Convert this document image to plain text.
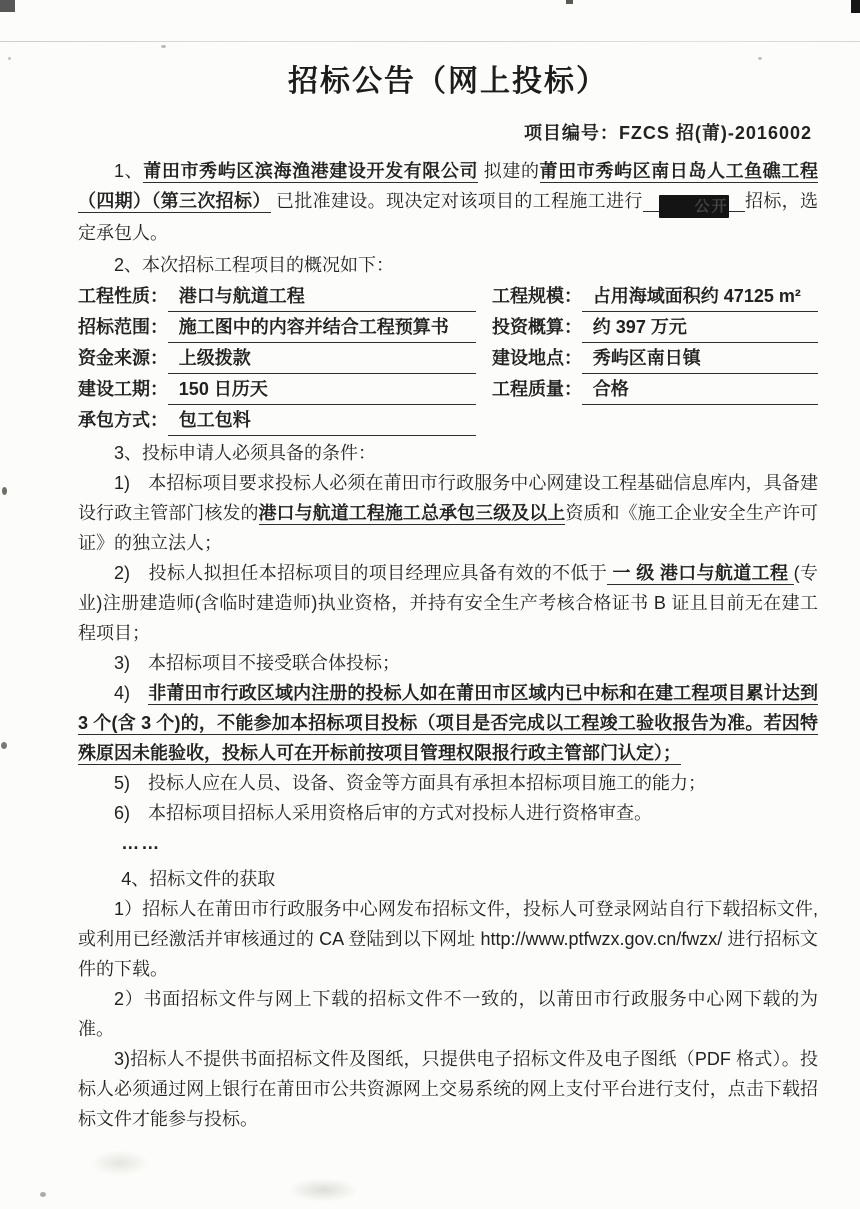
招标公告（网上投标）
项目编号：FZCS 招(莆)-2016002

1、莆田市秀屿区滨海渔港建设开发有限公司 拟建的莆田市秀屿区南日岛人工鱼礁工程（四期）（第三次招标） 已批准建设。现决定对该项目的工程施工进行	公开 招标，选定承包人。

2、本次招标工程项目的概况如下：

工程性质： 港口与航道工程
招标范围： 施工图中的内容并结合工程预算书
资金来源： 上级拨款
建设工期： 150 日历天
承包方式： 包工包料
工程规模： 占用海域面积约 47125 m²
投资概算： 约 397 万元
建设地点： 秀屿区南日镇
工程质量： 合格

3、投标申请人必须具备的条件：

1)　本招标项目要求投标人必须在莆田市行政服务中心网建设工程基础信息库内，具备建设行政主管部门核发的港口与航道工程施工总承包三级及以上资质和《施工企业安全生产许可证》的独立法人；

2)　投标人拟担任本招标项目的项目经理应具备有效的不低于 一 级 港口与航道工程 (专业)注册建造师(含临时建造师)执业资格，并持有安全生产考核合格证书 B 证且目前无在建工程项目；

3)　本招标项目不接受联合体投标；

4)　非莆田市行政区域内注册的投标人如在莆田市区域内已中标和在建工程项目累计达到 3 个(含 3 个)的，不能参加本招标项目投标（项目是否完成以工程竣工验收报告为准。若因特殊原因未能验收，投标人可在开标前按项目管理权限报行政主管部门认定）；

5)　投标人应在人员、设备、资金等方面具有承担本招标项目施工的能力；

6)　本招标项目招标人采用资格后审的方式对投标人进行资格审查。

……

4、招标文件的获取

1）招标人在莆田市行政服务中心网发布招标文件，投标人可登录网站自行下载招标文件,或利用已经激活并审核通过的 CA 登陆到以下网址 http://www.ptfwzx.gov.cn/fwzx/ 进行招标文件的下载。

2）书面招标文件与网上下载的招标文件不一致的，以莆田市行政服务中心网下载的为准。

3)招标人不提供书面招标文件及图纸，只提供电子招标文件及电子图纸（PDF 格式）。投标人必须通过网上银行在莆田市公共资源网上交易系统的网上支付平台进行支付，点击下载招标文件才能参与投标。
